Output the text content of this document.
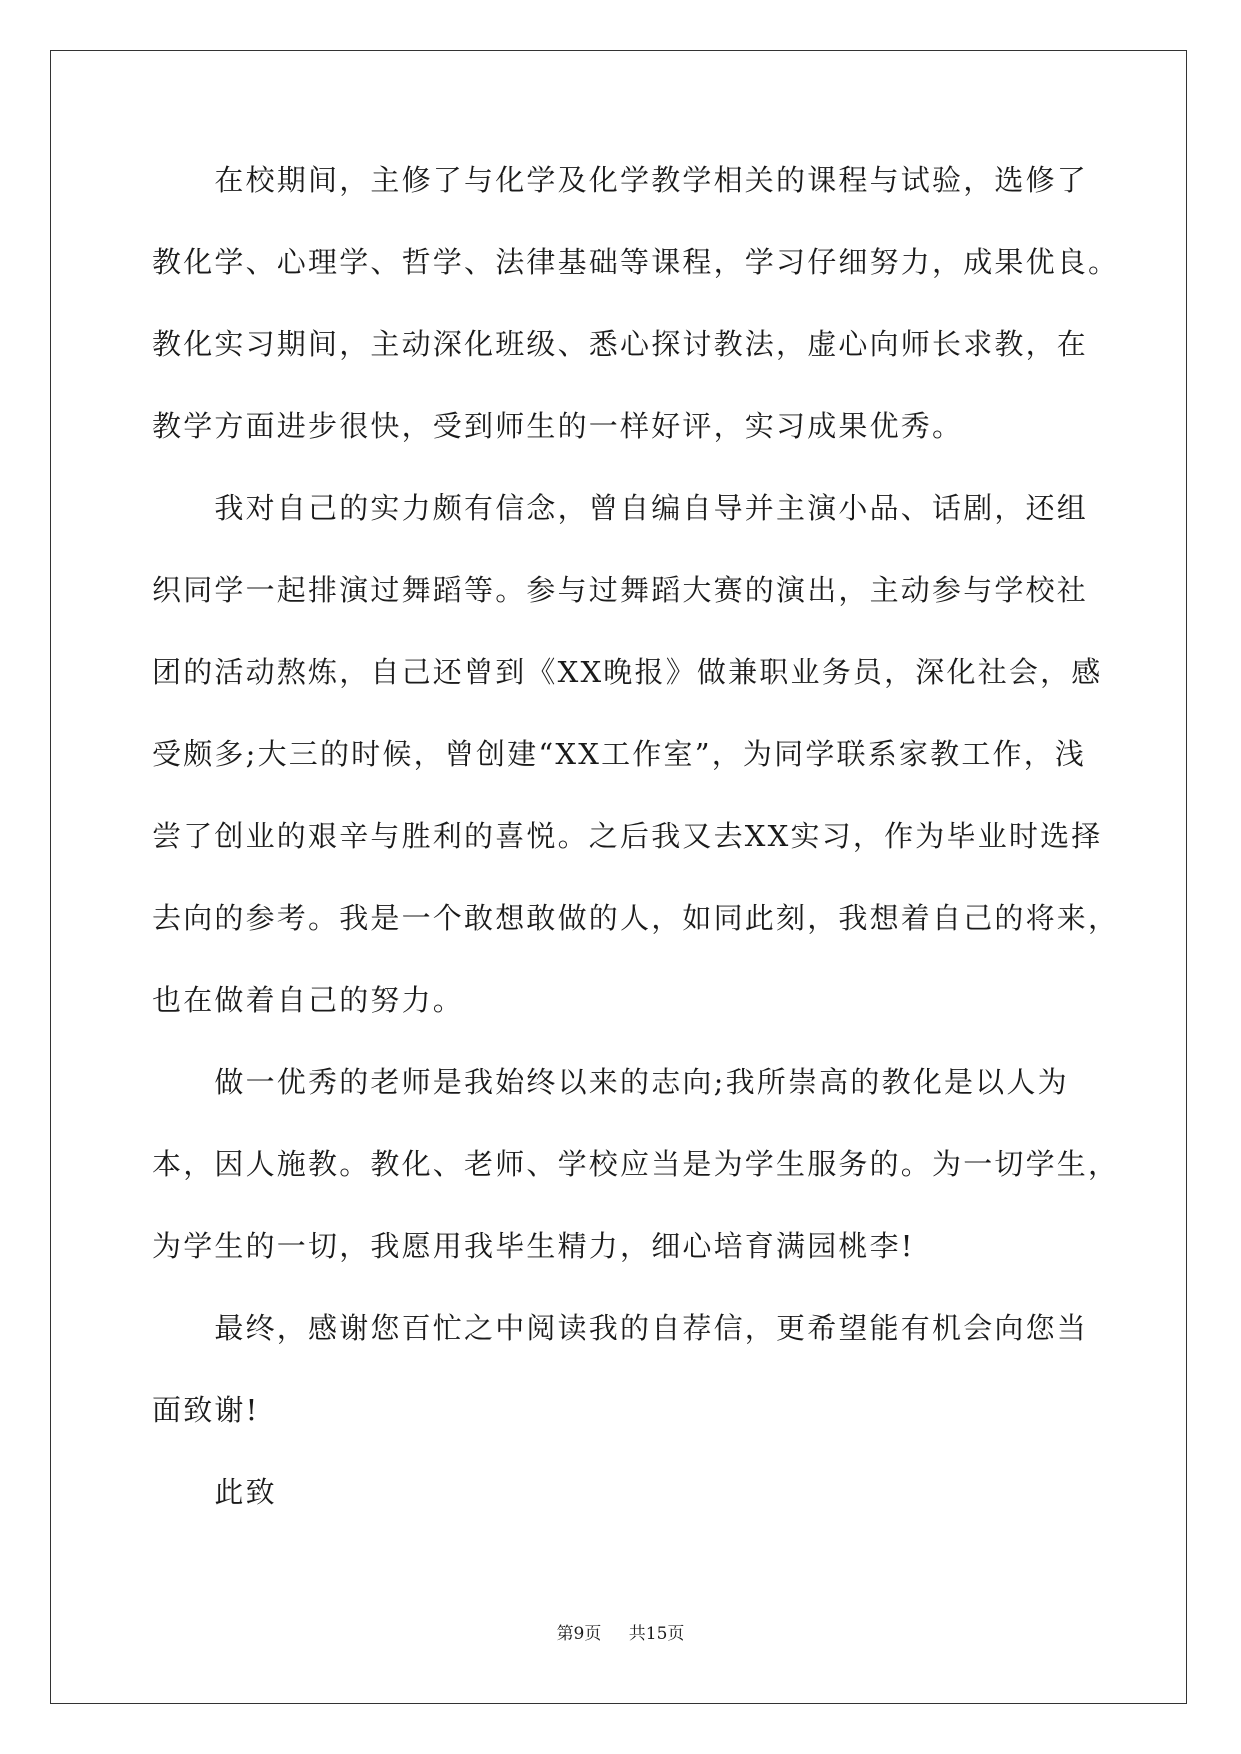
　　在校期间，主修了与化学及化学教学相关的课程与试验，选修了
教化学、心理学、哲学、法律基础等课程，学习仔细努力，成果优良。
教化实习期间，主动深化班级、悉心探讨教法，虚心向师长求教，在
教学方面进步很快，受到师生的一样好评，实习成果优秀。
　　我对自己的实力颇有信念，曾自编自导并主演小品、话剧，还组
织同学一起排演过舞蹈等。参与过舞蹈大赛的演出，主动参与学校社
团的活动熬炼，自己还曾到《XX晚报》做兼职业务员，深化社会，感
受颇多;大三的时候，曾创建“XX工作室”，为同学联系家教工作，浅
尝了创业的艰辛与胜利的喜悦。之后我又去XX实习，作为毕业时选择
去向的参考。我是一个敢想敢做的人，如同此刻，我想着自己的将来，
也在做着自己的努力。
　　做一优秀的老师是我始终以来的志向;我所崇高的教化是以人为
本，因人施教。教化、老师、学校应当是为学生服务的。为一切学生，
为学生的一切，我愿用我毕生精力，细心培育满园桃李!
　　最终，感谢您百忙之中阅读我的自荐信，更希望能有机会向您当
面致谢!
　　此致
第9页 共15页
